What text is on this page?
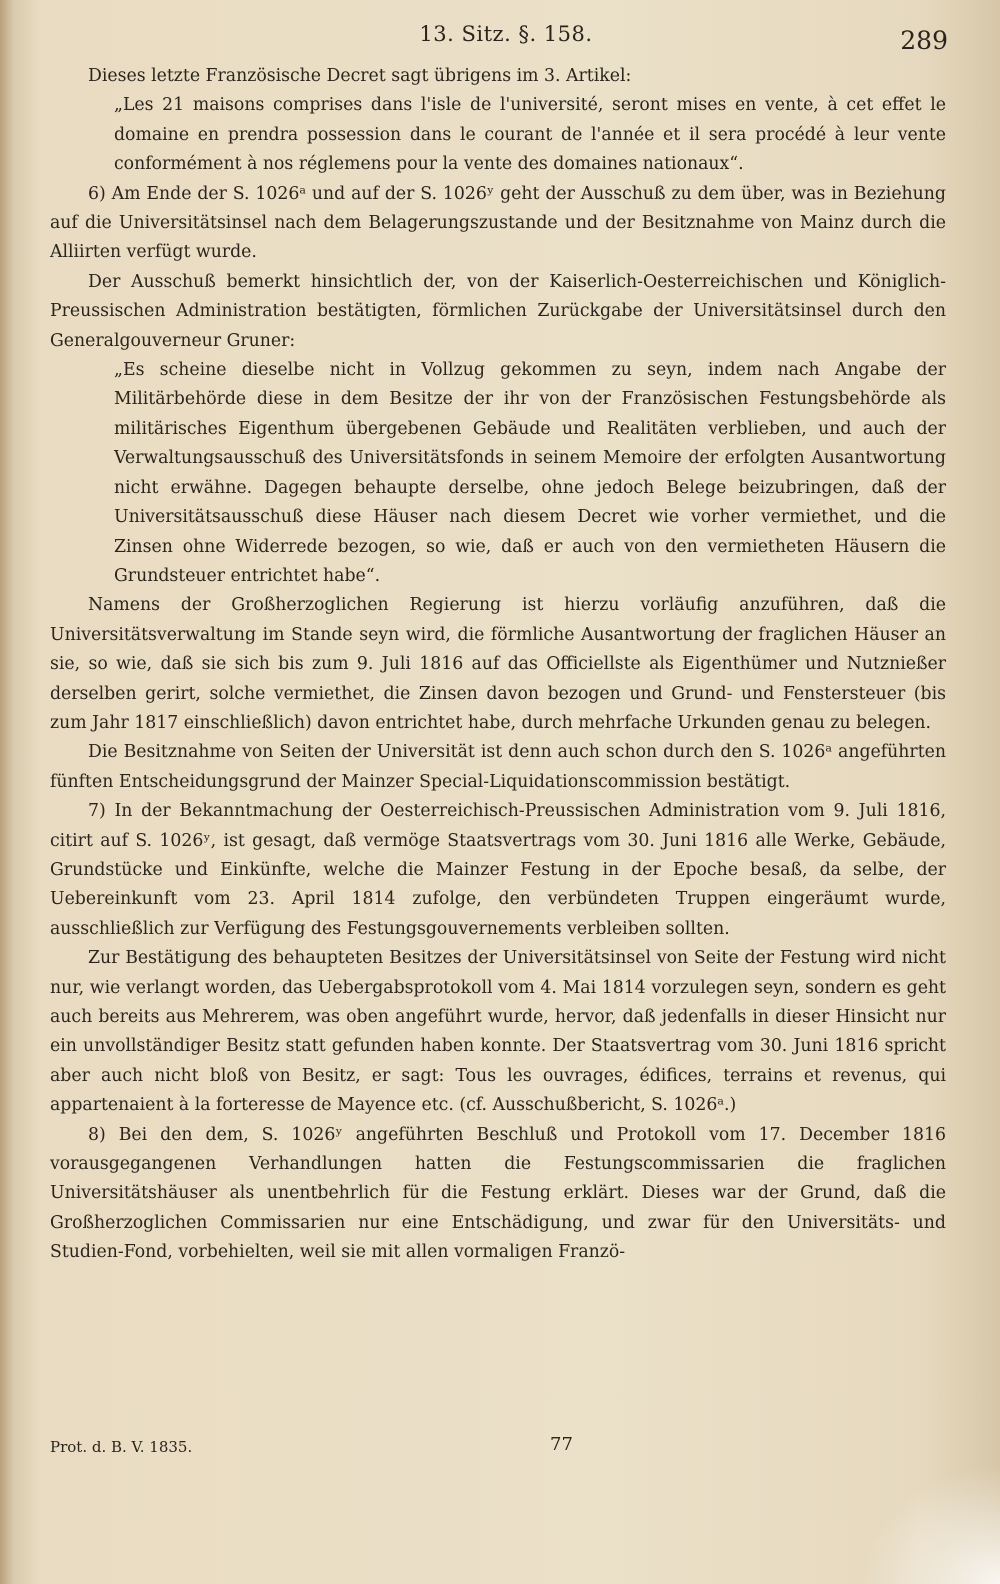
13. Sitz. §. 158.	289

Dieses letzte Französische Decret sagt übrigens im 3. Artikel:

„Les 21 maisons comprises dans l'isle de l'université, seront mises en vente, à cet effet le domaine en prendra possession dans le courant de l'année et il sera procédé à leur vente conformément à nos réglemens pour la vente des domaines nationaux“.

6) Am Ende der S. 1026ᵃ und auf der S. 1026ʸ geht der Ausschuß zu dem über, was in Beziehung auf die Universitätsinsel nach dem Belagerungszustande und der Besitznahme von Mainz durch die Alliirten verfügt wurde.

Der Ausschuß bemerkt hinsichtlich der, von der Kaiserlich-Oesterreichischen und Königlich-Preussischen Administration bestätigten, förmlichen Zurückgabe der Universitätsinsel durch den Generalgouverneur Gruner:

„Es scheine dieselbe nicht in Vollzug gekommen zu seyn, indem nach Angabe der Militärbehörde diese in dem Besitze der ihr von der Französischen Festungsbehörde als militärisches Eigenthum übergebenen Gebäude und Realitäten verblieben, und auch der Verwaltungsausschuß des Universitätsfonds in seinem Memoire der erfolgten Ausantwortung nicht erwähne. Dagegen behaupte derselbe, ohne jedoch Belege beizubringen, daß der Universitätsausschuß diese Häuser nach diesem Decret wie vorher vermiethet, und die Zinsen ohne Widerrede bezogen, so wie, daß er auch von den vermietheten Häusern die Grundsteuer entrichtet habe“.

Namens der Großherzoglichen Regierung ist hierzu vorläufig anzuführen, daß die Universitätsverwaltung im Stande seyn wird, die förmliche Ausantwortung der fraglichen Häuser an sie, so wie, daß sie sich bis zum 9. Juli 1816 auf das Officiellste als Eigenthümer und Nutznießer derselben gerirt, solche vermiethet, die Zinsen davon bezogen und Grund- und Fenstersteuer (bis zum Jahr 1817 einschließlich) davon entrichtet habe, durch mehrfache Urkunden genau zu belegen.

Die Besitznahme von Seiten der Universität ist denn auch schon durch den S. 1026ᵃ angeführten fünften Entscheidungsgrund der Mainzer Special-Liquidationscommission bestätigt.

7) In der Bekanntmachung der Oesterreichisch-Preussischen Administration vom 9. Juli 1816, citirt auf S. 1026ʸ, ist gesagt, daß vermöge Staatsvertrags vom 30. Juni 1816 alle Werke, Gebäude, Grundstücke und Einkünfte, welche die Mainzer Festung in der Epoche besaß, da selbe, der Uebereinkunft vom 23. April 1814 zufolge, den verbündeten Truppen eingeräumt wurde, ausschließlich zur Verfügung des Festungsgouvernements verbleiben sollten.

Zur Bestätigung des behaupteten Besitzes der Universitätsinsel von Seite der Festung wird nicht nur, wie verlangt worden, das Uebergabsprotokoll vom 4. Mai 1814 vorzulegen seyn, sondern es geht auch bereits aus Mehrerem, was oben angeführt wurde, hervor, daß jedenfalls in dieser Hinsicht nur ein unvollständiger Besitz statt gefunden haben konnte. Der Staatsvertrag vom 30. Juni 1816 spricht aber auch nicht bloß von Besitz, er sagt: Tous les ouvrages, édifices, terrains et revenus, qui appartenaient à la forteresse de Mayence etc. (cf. Ausschußbericht, S. 1026ᵃ.)

8) Bei den dem, S. 1026ʸ angeführten Beschluß und Protokoll vom 17. December 1816 vorausgegangenen Verhandlungen hatten die Festungscommissarien die fraglichen Universitätshäuser als unentbehrlich für die Festung erklärt. Dieses war der Grund, daß die Großherzoglichen Commissarien nur eine Entschädigung, und zwar für den Universitäts- und Studien-Fond, vorbehielten, weil sie mit allen vormaligen Franzö-

Prot. d. B. V. 1835.	77
